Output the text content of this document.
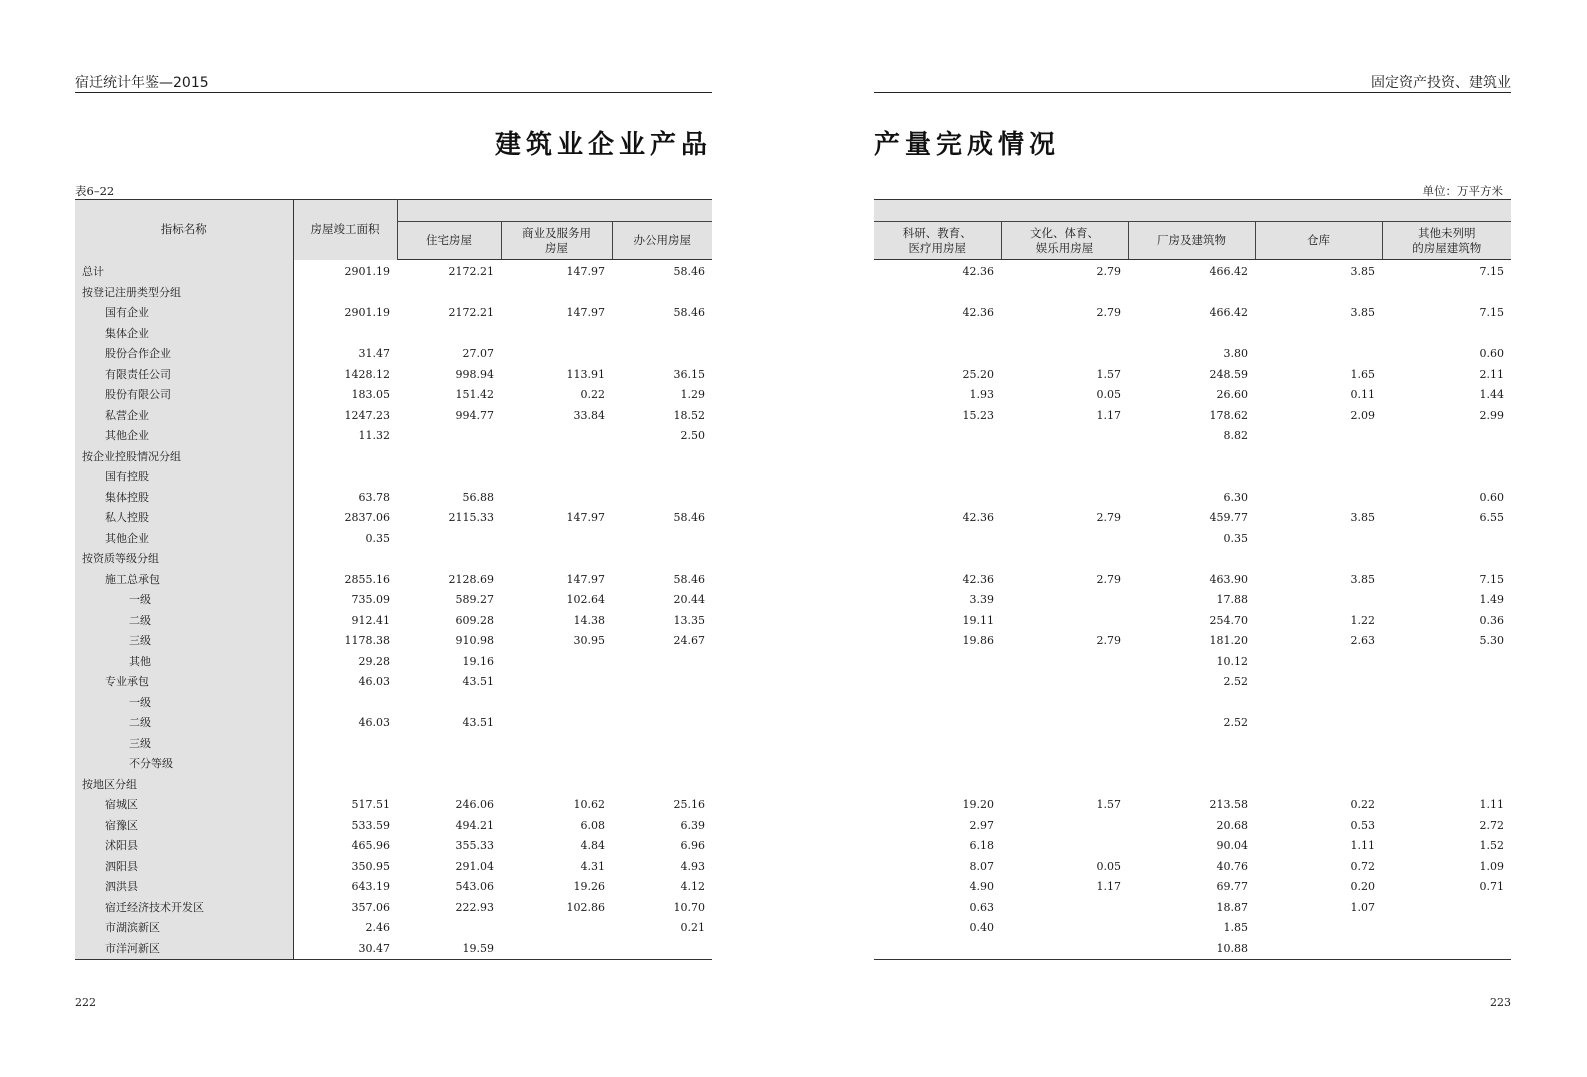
宿迁统计年鉴—2015
建筑业企业产品
表6–22
指标名称	房屋竣工面积			
		住宅房屋	商业及服务用
房屋	办公用房屋
总计	2901.19	2172.21	147.97	58.46
按登记注册类型分组				
国有企业	2901.19	2172.21	147.97	58.46
集体企业				
股份合作企业	31.47	27.07		
有限责任公司	1428.12	998.94	113.91	36.15
股份有限公司	183.05	151.42	0.22	1.29
私营企业	1247.23	994.77	33.84	18.52
其他企业	11.32			2.50
按企业控股情况分组				
国有控股				
集体控股	63.78	56.88		
私人控股	2837.06	2115.33	147.97	58.46
其他企业	0.35			
按资质等级分组				
施工总承包	2855.16	2128.69	147.97	58.46
一级	735.09	589.27	102.64	20.44
二级	912.41	609.28	14.38	13.35
三级	1178.38	910.98	30.95	24.67
其他	29.28	19.16		
专业承包	46.03	43.51		
一级				
二级	46.03	43.51		
三级				
不分等级				
按地区分组				
宿城区	517.51	246.06	10.62	25.16
宿豫区	533.59	494.21	6.08	6.39
沭阳县	465.96	355.33	4.84	6.96
泗阳县	350.95	291.04	4.31	4.93
泗洪县	643.19	543.06	19.26	4.12
宿迁经济技术开发区	357.06	222.93	102.86	10.70
市湖滨新区	2.46			0.21
市洋河新区	30.47	19.59		
222
固定资产投资、建筑业
产量完成情况
单位：万平方米

科研、教育、
医疗用房屋	文化、体育、
娱乐用房屋	厂房及建筑物	仓库	其他未列明
的房屋建筑物
42.36	2.79	466.42	3.85	7.15

42.36	2.79	466.42	3.85	7.15

		3.80		0.60
25.20	1.57	248.59	1.65	2.11
1.93	0.05	26.60	0.11	1.44
15.23	1.17	178.62	2.09	2.99
		8.82		

		6.30		0.60
42.36	2.79	459.77	3.85	6.55
		0.35		

42.36	2.79	463.90	3.85	7.15
3.39		17.88		1.49
19.11		254.70	1.22	0.36
19.86	2.79	181.20	2.63	5.30
		10.12		
		2.52		

		2.52		

19.20	1.57	213.58	0.22	1.11
2.97		20.68	0.53	2.72
6.18		90.04	1.11	1.52
8.07	0.05	40.76	0.72	1.09
4.90	1.17	69.77	0.20	0.71
0.63		18.87	1.07	
0.40		1.85		
		10.88		
223
